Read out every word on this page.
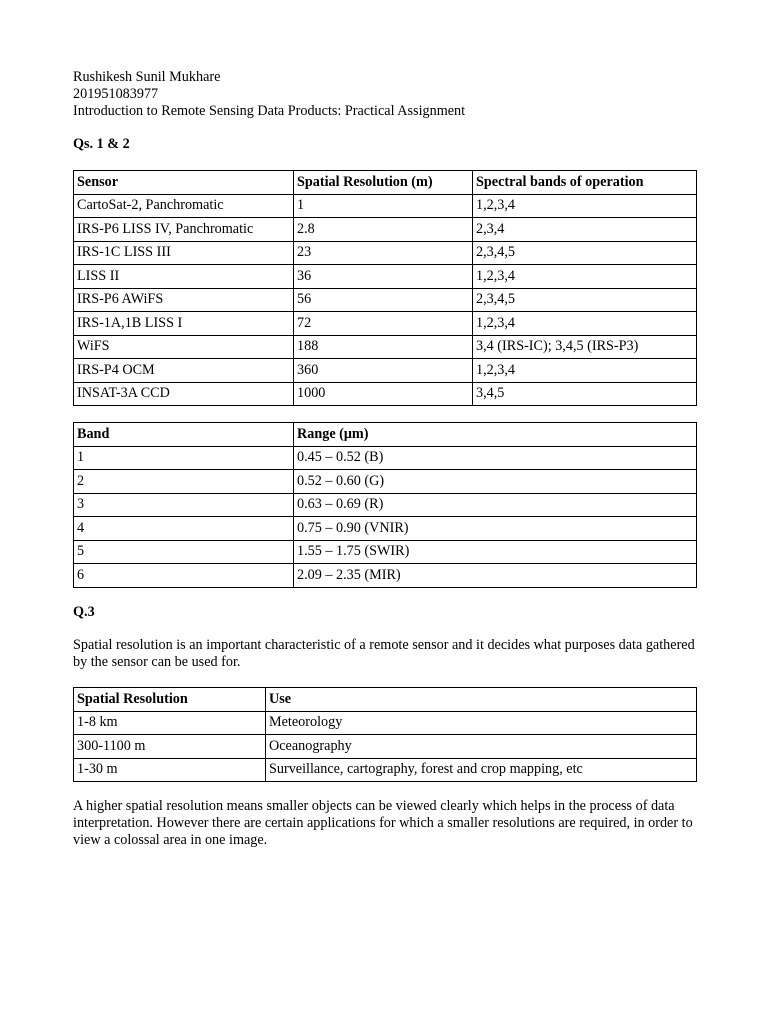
Rushikesh Sunil Mukhare
201951083977
Introduction to Remote Sensing Data Products: Practical Assignment
Qs. 1 & 2
Sensor	Spatial Resolution (m)	Spectral bands of operation
CartoSat-2, Panchromatic	1	1,2,3,4
IRS-P6 LISS IV, Panchromatic	2.8	2,3,4
IRS-1C LISS III	23	2,3,4,5
LISS II	36	1,2,3,4
IRS-P6 AWiFS	56	2,3,4,5
IRS-1A,1B LISS I	72	1,2,3,4
WiFS	188	3,4 (IRS-IC); 3,4,5 (IRS-P3)
IRS-P4 OCM	360	1,2,3,4
INSAT-3A CCD	1000	3,4,5
Band	Range (μm)
1	0.45 – 0.52 (B)
2	0.52 – 0.60 (G)
3	0.63 – 0.69 (R)
4	0.75 – 0.90 (VNIR)
5	1.55 – 1.75 (SWIR)
6	2.09 – 2.35 (MIR)
Q.3
Spatial resolution is an important characteristic of a remote sensor and it decides what purposes data gathered by the sensor can be used for.
Spatial Resolution	Use
1-8 km	Meteorology
300-1100 m	Oceanography
1-30 m	Surveillance, cartography, forest and crop mapping, etc
A higher spatial resolution means smaller objects can be viewed clearly which helps in the process of data interpretation. However there are certain applications for which a smaller resolutions are required, in order to view a colossal area in one image.
